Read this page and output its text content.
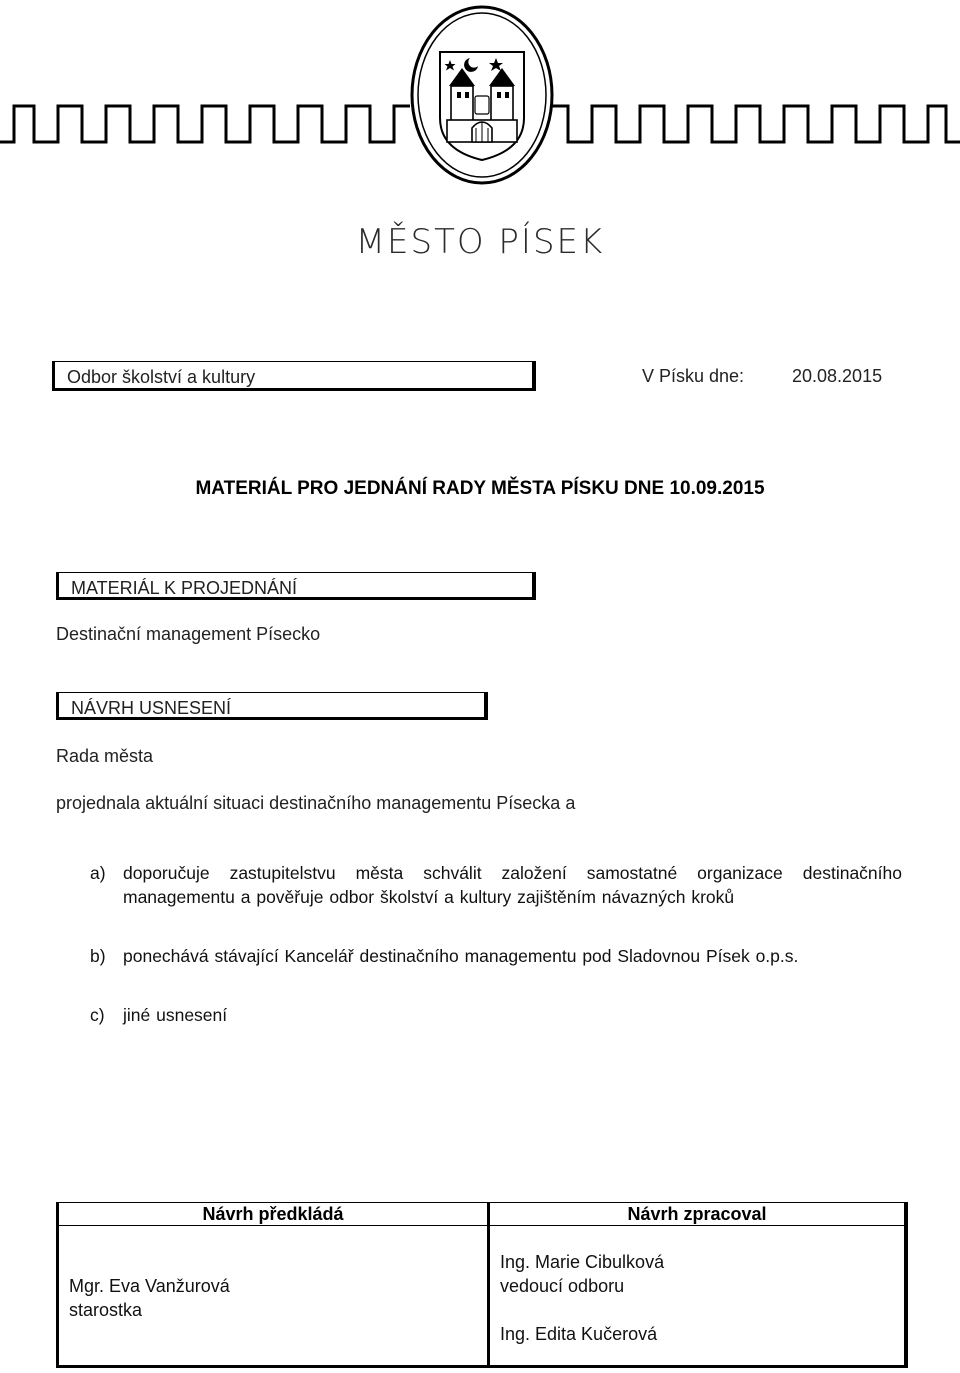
MĚSTO PÍSEK
Odbor školství a kultury	V Písku dne:	20.08.2015
MATERIÁL PRO JEDNÁNÍ RADY MĚSTA PÍSKU DNE 10.09.2015
MATERIÁL K PROJEDNÁNÍ
Destinační management Písecko
NÁVRH USNESENÍ
Rada města
projednala aktuální situaci destinačního managementu Písecka a
a) doporučuje zastupitelstvu města schválit založení samostatné organizace destinačního managementu a pověřuje odbor školství a kultury zajištěním návazných kroků
b) ponechává stávající Kancelář destinačního managementu pod Sladovnou Písek o.p.s.
c) jiné usnesení
Návrh předkládá
Mgr. Eva Vanžurová
starostka
Návrh zpracoval
Ing. Marie Cibulková
vedoucí odboru
Ing. Edita Kučerová
